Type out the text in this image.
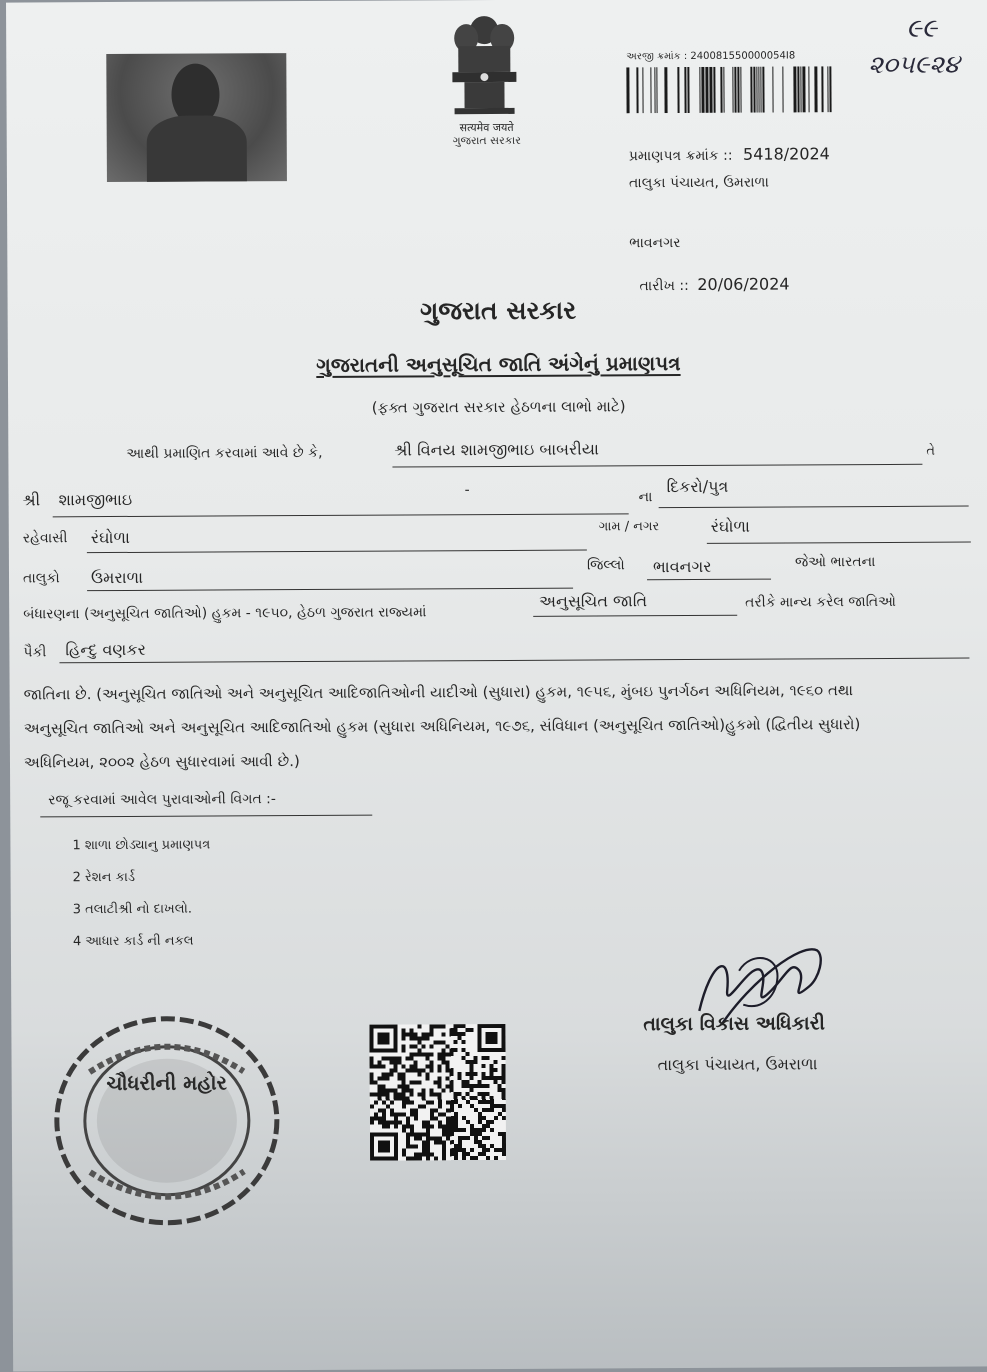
सत्यमेव जयते
ગુજરાત સરકાર
અરજી ક્રમાંક : 240081550000054I8
૯૯
૨૦૫૯૨૪
પ્રમાણપત્ર ક્રમાંક :: 5418/2024
તાલુકા પંચાયત, ઉમરાળા
ભાવનગર
તારીખ :: 20/06/2024
ગુજરાત સરકાર
ગુજરાતની અનુસૂચિત જાતિ અંગેનું પ્રમાણપત્ર
(ફક્ત ગુજરાત સરકાર હેઠળના લાભો માટે)
આથી પ્રમાણિત કરવામાં આવે છે કે,	શ્રી વિનય શામજીભાઇ બાબરીયા	તે
શ્રી શામજીભાઇ	-	ના
દિકરો/પુત્ર
રહેવાસી રંઘોળા
ગામ / નગર	રંઘોળા
તાલુકો ઉમરાળા
જિલ્લો ભાવનગર	જેઓ ભારતના
બંધારણના (અનુસૂચિત જાતિઓ) હુકમ - ૧૯૫૦, હેઠળ ગુજરાત રાજ્યમાં
અનુસૂચિત જાતિ	તરીકે માન્ય કરેલ જાતિઓ
પૈકી હિન્દુ વણકર
જાતિના છે. (અનુસૂચિત જાતિઓ અને અનુસૂચિત આદિજાતિઓની યાદીઓ (સુધારા) હુકમ, ૧૯૫૬, મુંબઇ પુનર્ગઠન અધિનિયમ, ૧૯૬૦ તથા
અનુસૂચિત જાતિઓ અને અનુસૂચિત આદિજાતિઓ હુકમ (સુધારા અધિનિયમ, ૧૯૭૬, સંવિધાન (અનુસૂચિત જાતિઓ)હુકમો (દ્વિતીય સુધારો)
અધિનિયમ, ૨૦૦૨ હેઠળ સુધારવામાં આવી છે.)
રજૂ કરવામાં આવેલ પુરાવાઓની વિગત :-
1 શાળા છોડ્યાનુ પ્રમાણપત્ર
2 રેશન કાર્ડ
3 તલાટીશ્રી નો દાખલો.
4 આધાર કાર્ડ ની નકલ
ચૌધરીની મહોર
તાલુકા વિકાસ અધિકારી
તાલુકા પંચાયત, ઉમરાળા
